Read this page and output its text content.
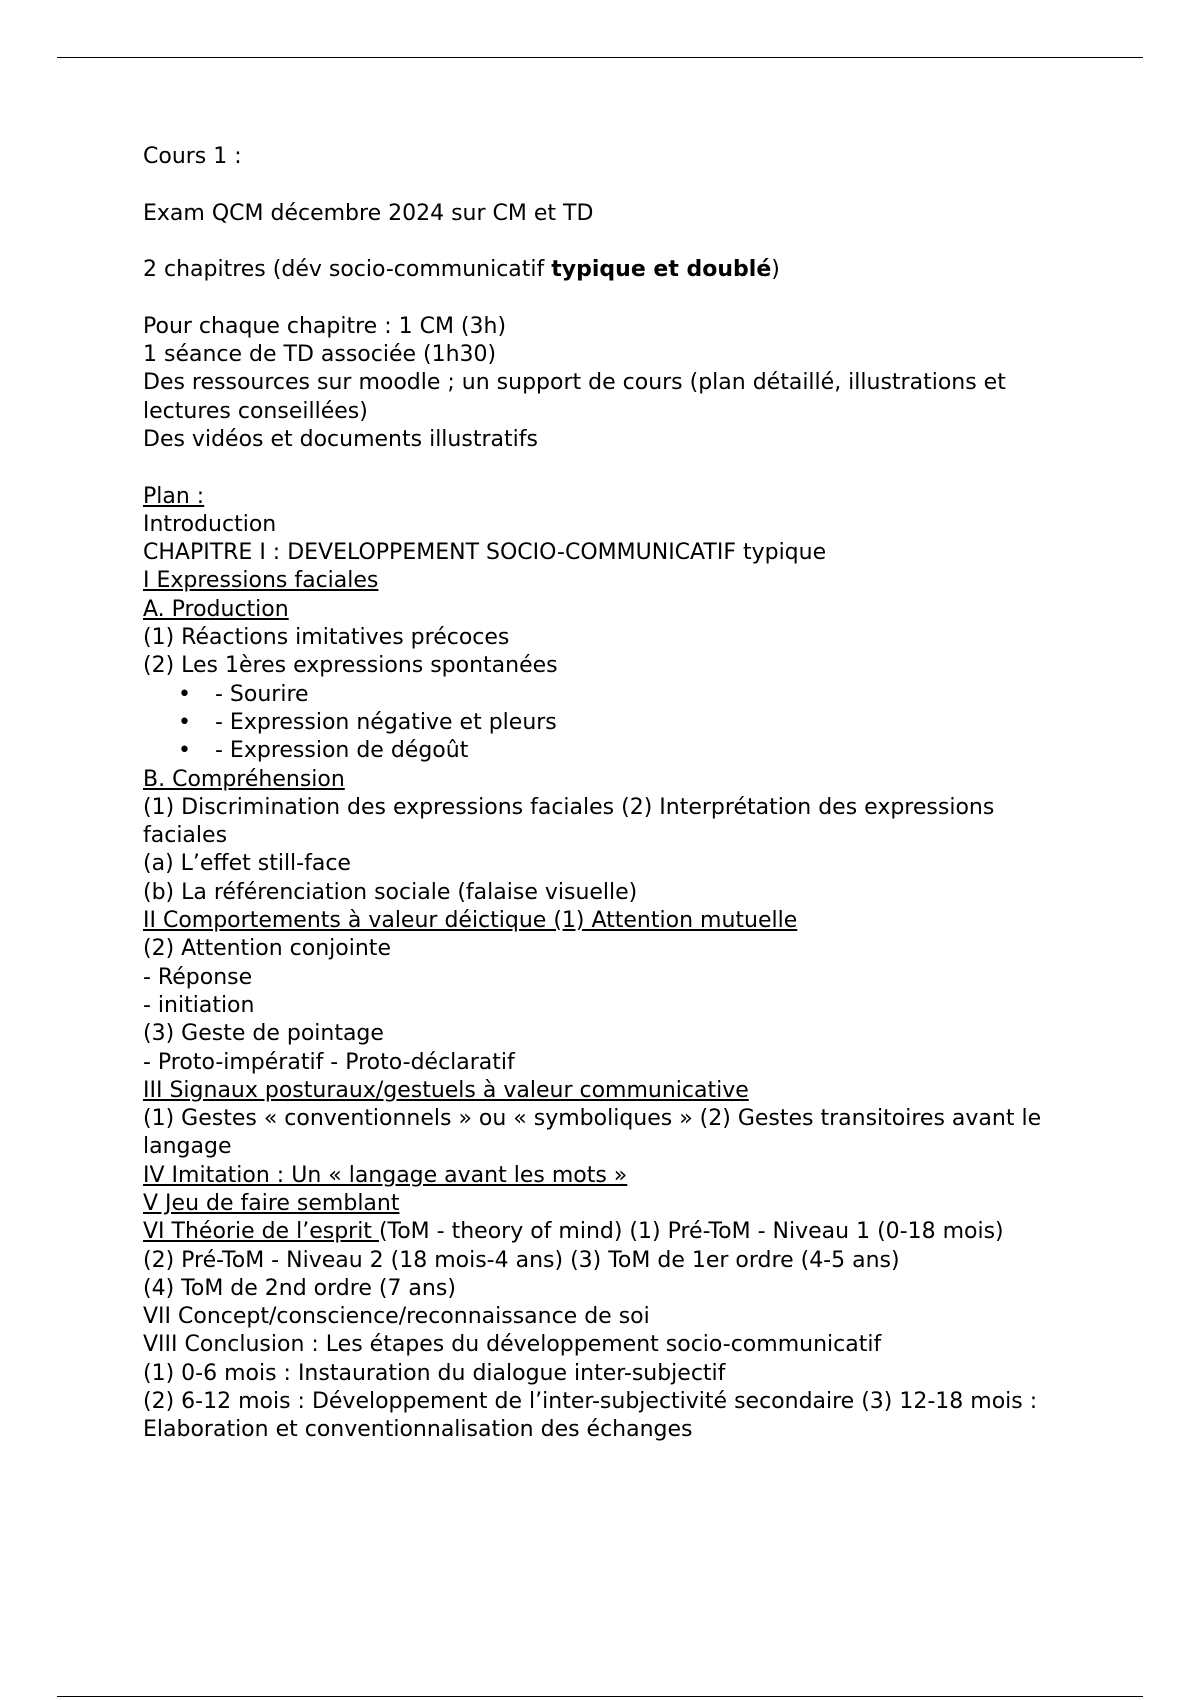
Cours 1 :

Exam QCM décembre 2024 sur CM et TD

2 chapitres (dév socio-communicatif typique et doublé)

Pour chaque chapitre : 1 CM (3h)

1 séance de TD associée (1h30)

Des ressources sur moodle ; un support de cours (plan détaillé, illustrations et lectures conseillées)

Des vidéos et documents illustratifs

Plan :

Introduction

CHAPITRE I : DEVELOPPEMENT SOCIO-COMMUNICATIF typique

I Expressions faciales

A. Production

(1) Réactions imitatives précoces

(2) Les 1ères expressions spontanées

• - Sourire
• - Expression négative et pleurs
• - Expression de dégoût

B. Compréhension

(1) Discrimination des expressions faciales (2) Interprétation des expressions faciales

(a) L’effet still-face

(b) La référenciation sociale (falaise visuelle)

II Comportements à valeur déictique (1) Attention mutuelle

(2) Attention conjointe

- Réponse

- initiation

(3) Geste de pointage

- Proto-impératif - Proto-déclaratif

III Signaux posturaux/gestuels à valeur communicative

(1) Gestes « conventionnels » ou « symboliques » (2) Gestes transitoires avant le langage

IV Imitation : Un « langage avant les mots »

V Jeu de faire semblant

VI Théorie de l’esprit (ToM - theory of mind) (1) Pré-ToM - Niveau 1 (0-18 mois)

(2) Pré-ToM - Niveau 2 (18 mois-4 ans) (3) ToM de 1er ordre (4-5 ans)

(4) ToM de 2nd ordre (7 ans)

VII Concept/conscience/reconnaissance de soi

VIII Conclusion : Les étapes du développement socio-communicatif

(1) 0-6 mois : Instauration du dialogue inter-subjectif

(2) 6-12 mois : Développement de l’inter-subjectivité secondaire (3) 12-18 mois : Elaboration et conventionnalisation des échanges
